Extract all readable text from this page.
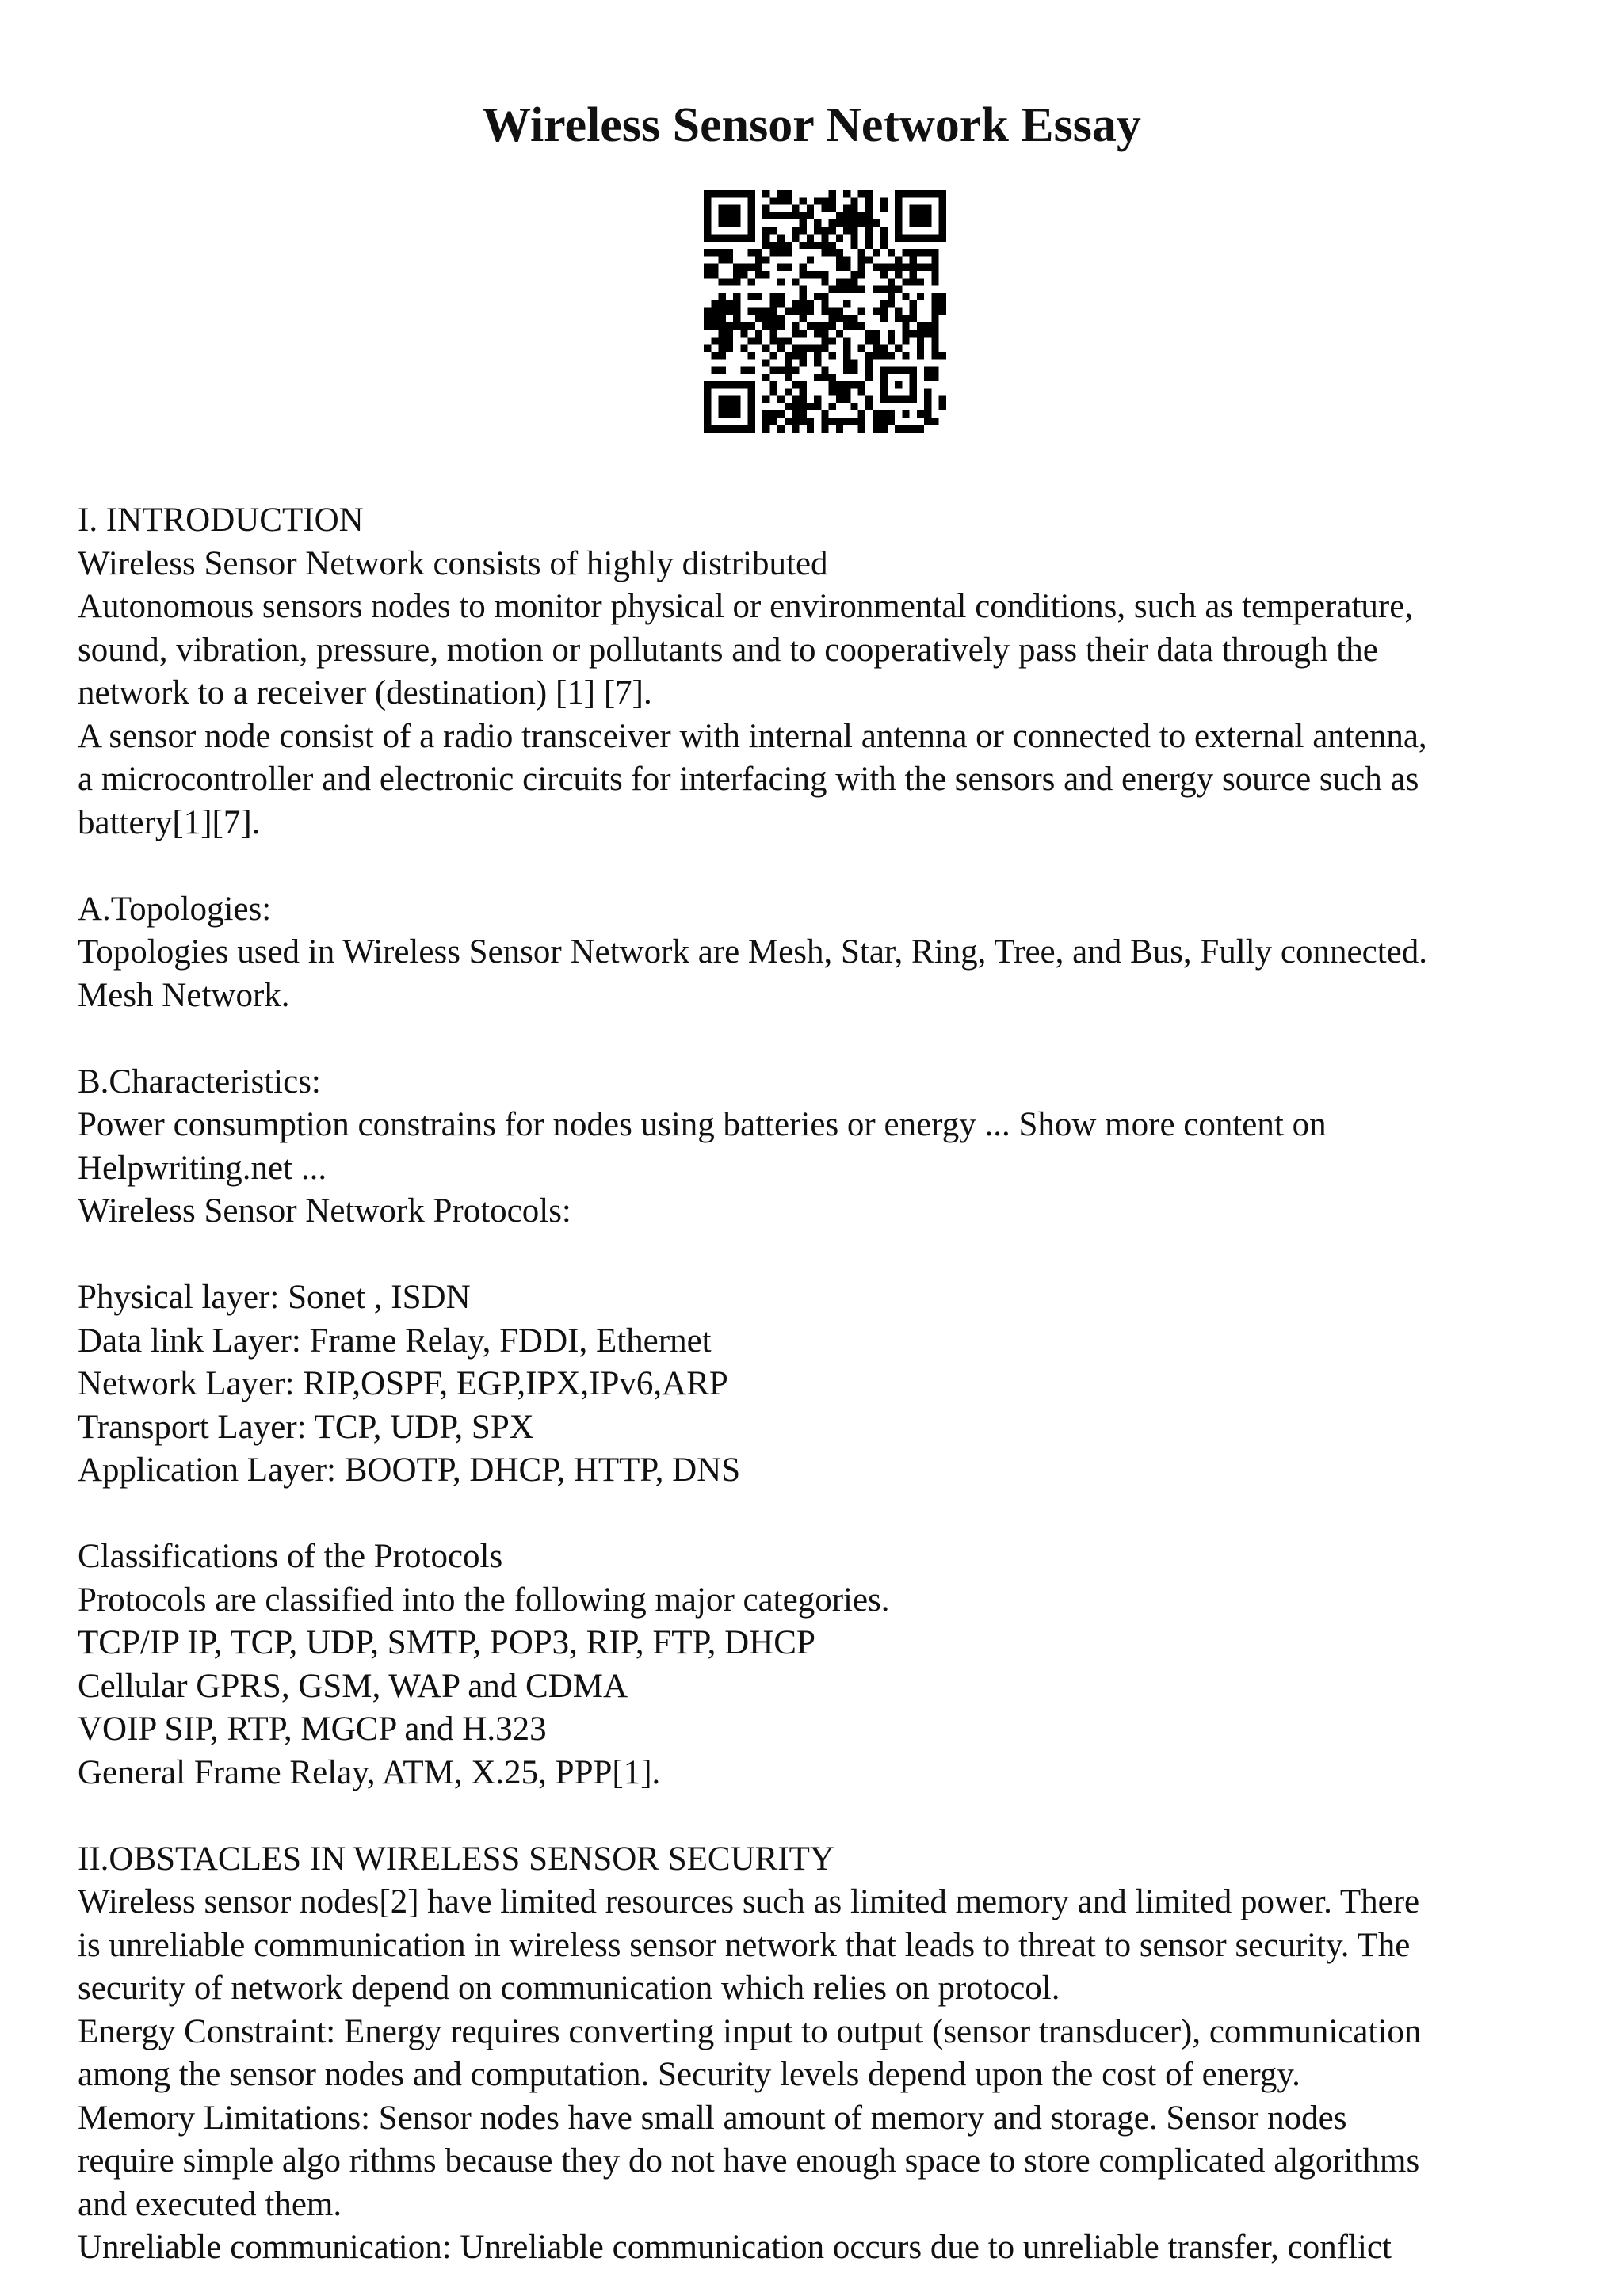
Wireless Sensor Network Essay
I. INTRODUCTION
Wireless Sensor Network consists of highly distributed
Autonomous sensors nodes to monitor physical or environmental conditions, such as temperature,
sound, vibration, pressure, motion or pollutants and to cooperatively pass their data through the
network to a receiver (destination) [1] [7].
A sensor node consist of a radio transceiver with internal antenna or connected to external antenna,
a microcontroller and electronic circuits for interfacing with the sensors and energy source such as
battery[1][7].
A.Topologies:
Topologies used in Wireless Sensor Network are Mesh, Star, Ring, Tree, and Bus, Fully connected.
Mesh Network.
B.Characteristics:
Power consumption constrains for nodes using batteries or energy ... Show more content on
Helpwriting.net ...
Wireless Sensor Network Protocols:
Physical layer: Sonet , ISDN
Data link Layer: Frame Relay, FDDI, Ethernet
Network Layer: RIP,OSPF, EGP,IPX,IPv6,ARP
Transport Layer: TCP, UDP, SPX
Application Layer: BOOTP, DHCP, HTTP, DNS
Classifications of the Protocols
Protocols are classified into the following major categories.
TCP/IP IP, TCP, UDP, SMTP, POP3, RIP, FTP, DHCP
Cellular GPRS, GSM, WAP and CDMA
VOIP SIP, RTP, MGCP and H.323
General Frame Relay, ATM, X.25, PPP[1].
II.OBSTACLES IN WIRELESS SENSOR SECURITY
Wireless sensor nodes[2] have limited resources such as limited memory and limited power. There
is unreliable communication in wireless sensor network that leads to threat to sensor security. The
security of network depend on communication which relies on protocol.
Energy Constraint: Energy requires converting input to output (sensor transducer), communication
among the sensor nodes and computation. Security levels depend upon the cost of energy.
Memory Limitations: Sensor nodes have small amount of memory and storage. Sensor nodes
require simple algo rithms because they do not have enough space to store complicated algorithms
and executed them.
Unreliable communication: Unreliable communication occurs due to unreliable transfer, conflict
